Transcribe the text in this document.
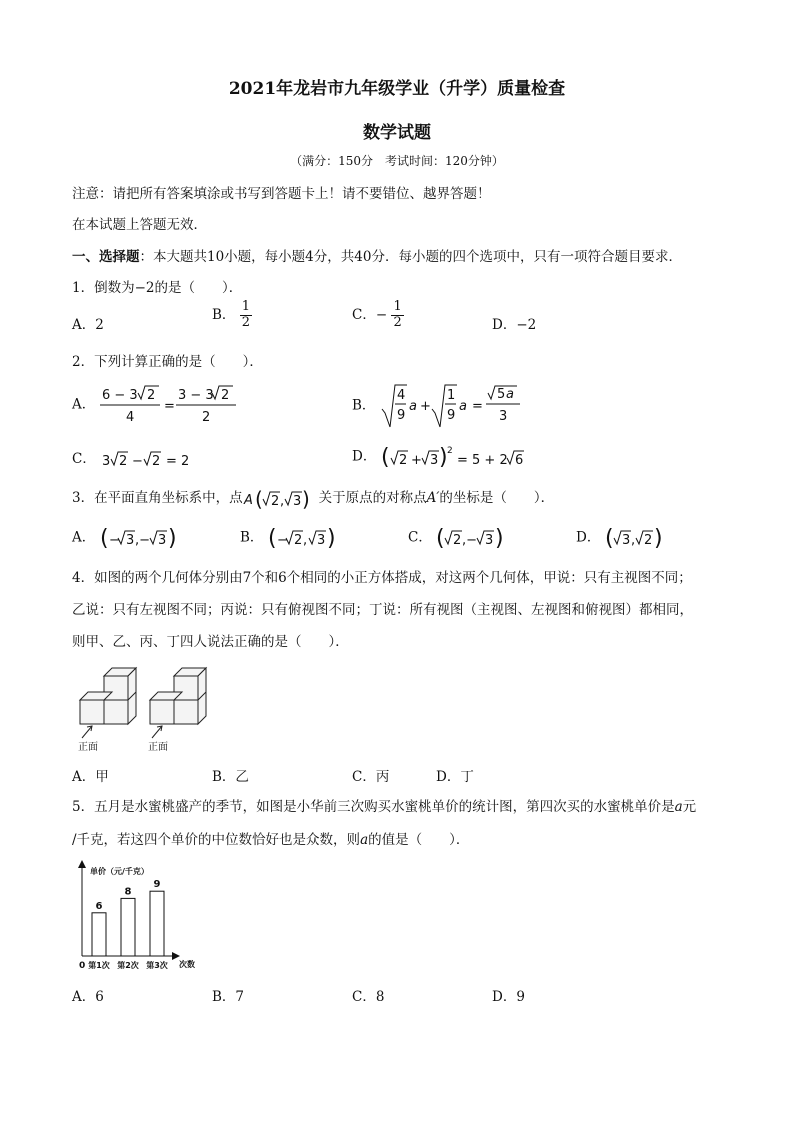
2021年龙岩市九年级学业（升学）质量检查
数学试题
（满分：150分　考试时间：120分钟）
注意：请把所有答案填涂或书写到答题卡上！请不要错位、越界答题！
在本试题上答题无效．
一、选择题：本大题共10小题，每小题4分，共40分．每小题的四个选项中，只有一项符合题目要求．
1．倒数为−2的是（　　）．
A．2
B． $\frac{1}{2}$	C．− $\frac{1}{2}$	D．−2
2．下列计算正确的是（　　）．
A．
6 − 3 2
4
=
3 − 3 2
2
B．
4
9
a +
1
9
a =
5 a
3
C． 3 2 − 2 = 2	D． ( 2 + 3 ) 2
= 5 + 2 6
3．在平面直角坐标系中，点 A ( 2 , 3 ) 关于原点的对称点A′的坐标是（　　）．
A． ( − 3 ,− 3 )	B． ( − 2 , 3 )	C． ( 2 ,− 3 )	D． ( 3 , 2 )
4．如图的两个几何体分别由7个和6个相同的小正方体搭成，对这两个几何体，甲说：只有主视图不同；
乙说：只有左视图不同；丙说：只有俯视图不同；丁说：所有视图（主视图、左视图和俯视图）都相同，
则甲、乙、丙、丁四人说法正确的是（　　）．
正面	正面
A．甲	B．乙	C．丙	D．丁
5．五月是水蜜桃盛产的季节，如图是小华前三次购买水蜜桃单价的统计图，第四次买的水蜜桃单价是a元
/千克，若这四个单价的中位数恰好也是众数，则a的值是（　　）．
单价（元/千克）
0	次数
6
第1次
8
第2次
9
第3次
A．6	B．7	C．8	D．9
